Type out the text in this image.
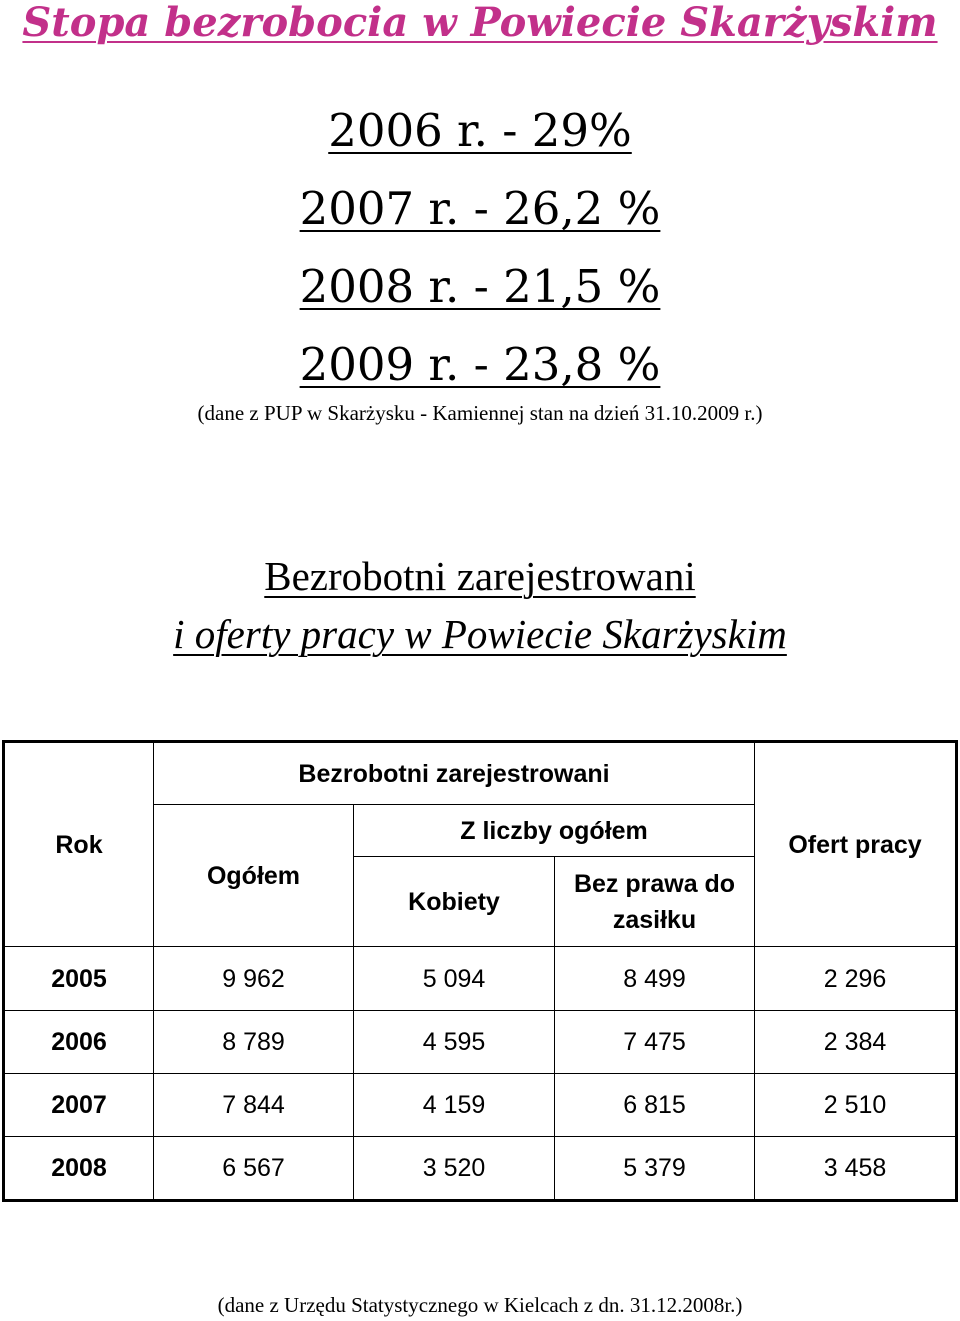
Stopa bezrobocia w Powiecie Skarżyskim
2006 r. - 29%
2007 r. - 26,2 %
2008 r. - 21,5 %
2009 r. - 23,8 %
(dane z PUP w Skarżysku - Kamiennej stan na dzień 31.10.2009 r.)
Bezrobotni zarejestrowani
i oferty pracy w Powiecie Skarżyskim
Rok	Bezrobotni zarejestrowani			Ofert pracy
	Ogółem	Z liczby ogółem		
		Kobiety	Bez prawa do zasiłku	
2005	9 962	5 094	8 499	2 296
2006	8 789	4 595	7 475	2 384
2007	7 844	4 159	6 815	2 510
2008	6 567	3 520	5 379	3 458
(dane z Urzędu Statystycznego w Kielcach z dn. 31.12.2008r.)
